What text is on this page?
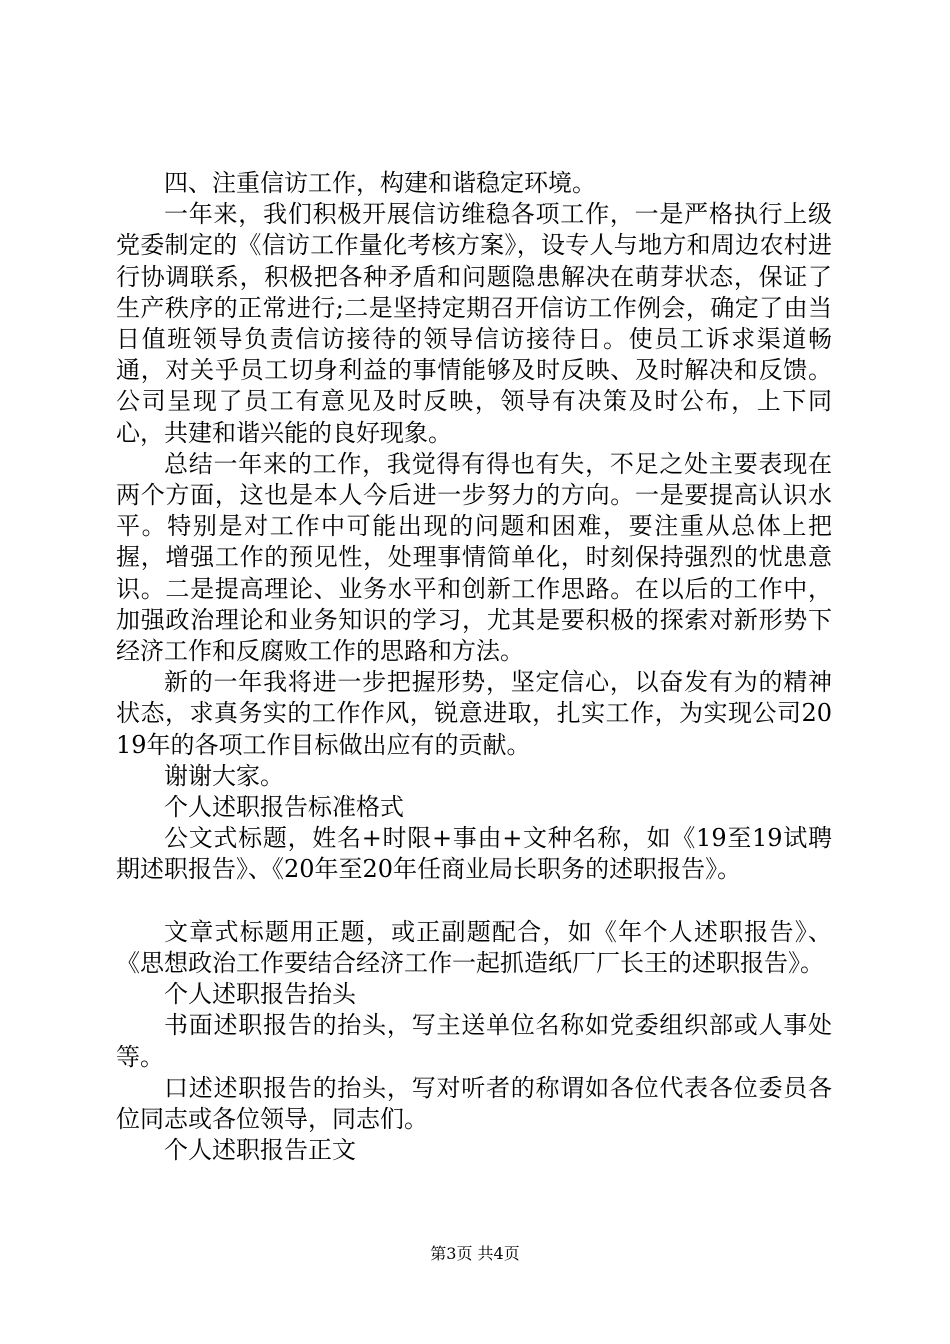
四、注重信访工作，构建和谐稳定环境。

一年来，我们积极开展信访维稳各项工作，一是严格执行上级党委制定的《信访工作量化考核方案》，设专人与地方和周边农村进行协调联系，积极把各种矛盾和问题隐患解决在萌芽状态，保证了生产秩序的正常进行;二是坚持定期召开信访工作例会，确定了由当日值班领导负责信访接待的领导信访接待日。使员工诉求渠道畅通，对关乎员工切身利益的事情能够及时反映、及时解决和反馈。公司呈现了员工有意见及时反映，领导有决策及时公布，上下同心，共建和谐兴能的良好现象。

总结一年来的工作，我觉得有得也有失，不足之处主要表现在两个方面，这也是本人今后进一步努力的方向。一是要提高认识水平。特别是对工作中可能出现的问题和困难，要注重从总体上把握，增强工作的预见性，处理事情简单化，时刻保持强烈的忧患意识。二是提高理论、业务水平和创新工作思路。在以后的工作中，加强政治理论和业务知识的学习，尤其是要积极的探索对新形势下经济工作和反腐败工作的思路和方法。

新的一年我将进一步把握形势，坚定信心，以奋发有为的精神状态，求真务实的工作作风，锐意进取，扎实工作，为实现公司2019年的各项工作目标做出应有的贡献。

谢谢大家。

个人述职报告标准格式

公文式标题，姓名+时限+事由+文种名称，如《19至19试聘期述职报告》、《20年至20年任商业局长职务的述职报告》。

文章式标题用正题，或正副题配合，如《年个人述职报告》、《思想政治工作要结合经济工作一起抓造纸厂厂长王的述职报告》。

个人述职报告抬头

书面述职报告的抬头，写主送单位名称如党委组织部或人事处等。

口述述职报告的抬头，写对听者的称谓如各位代表各位委员各位同志或各位领导，同志们。

个人述职报告正文

第3页 共4页
